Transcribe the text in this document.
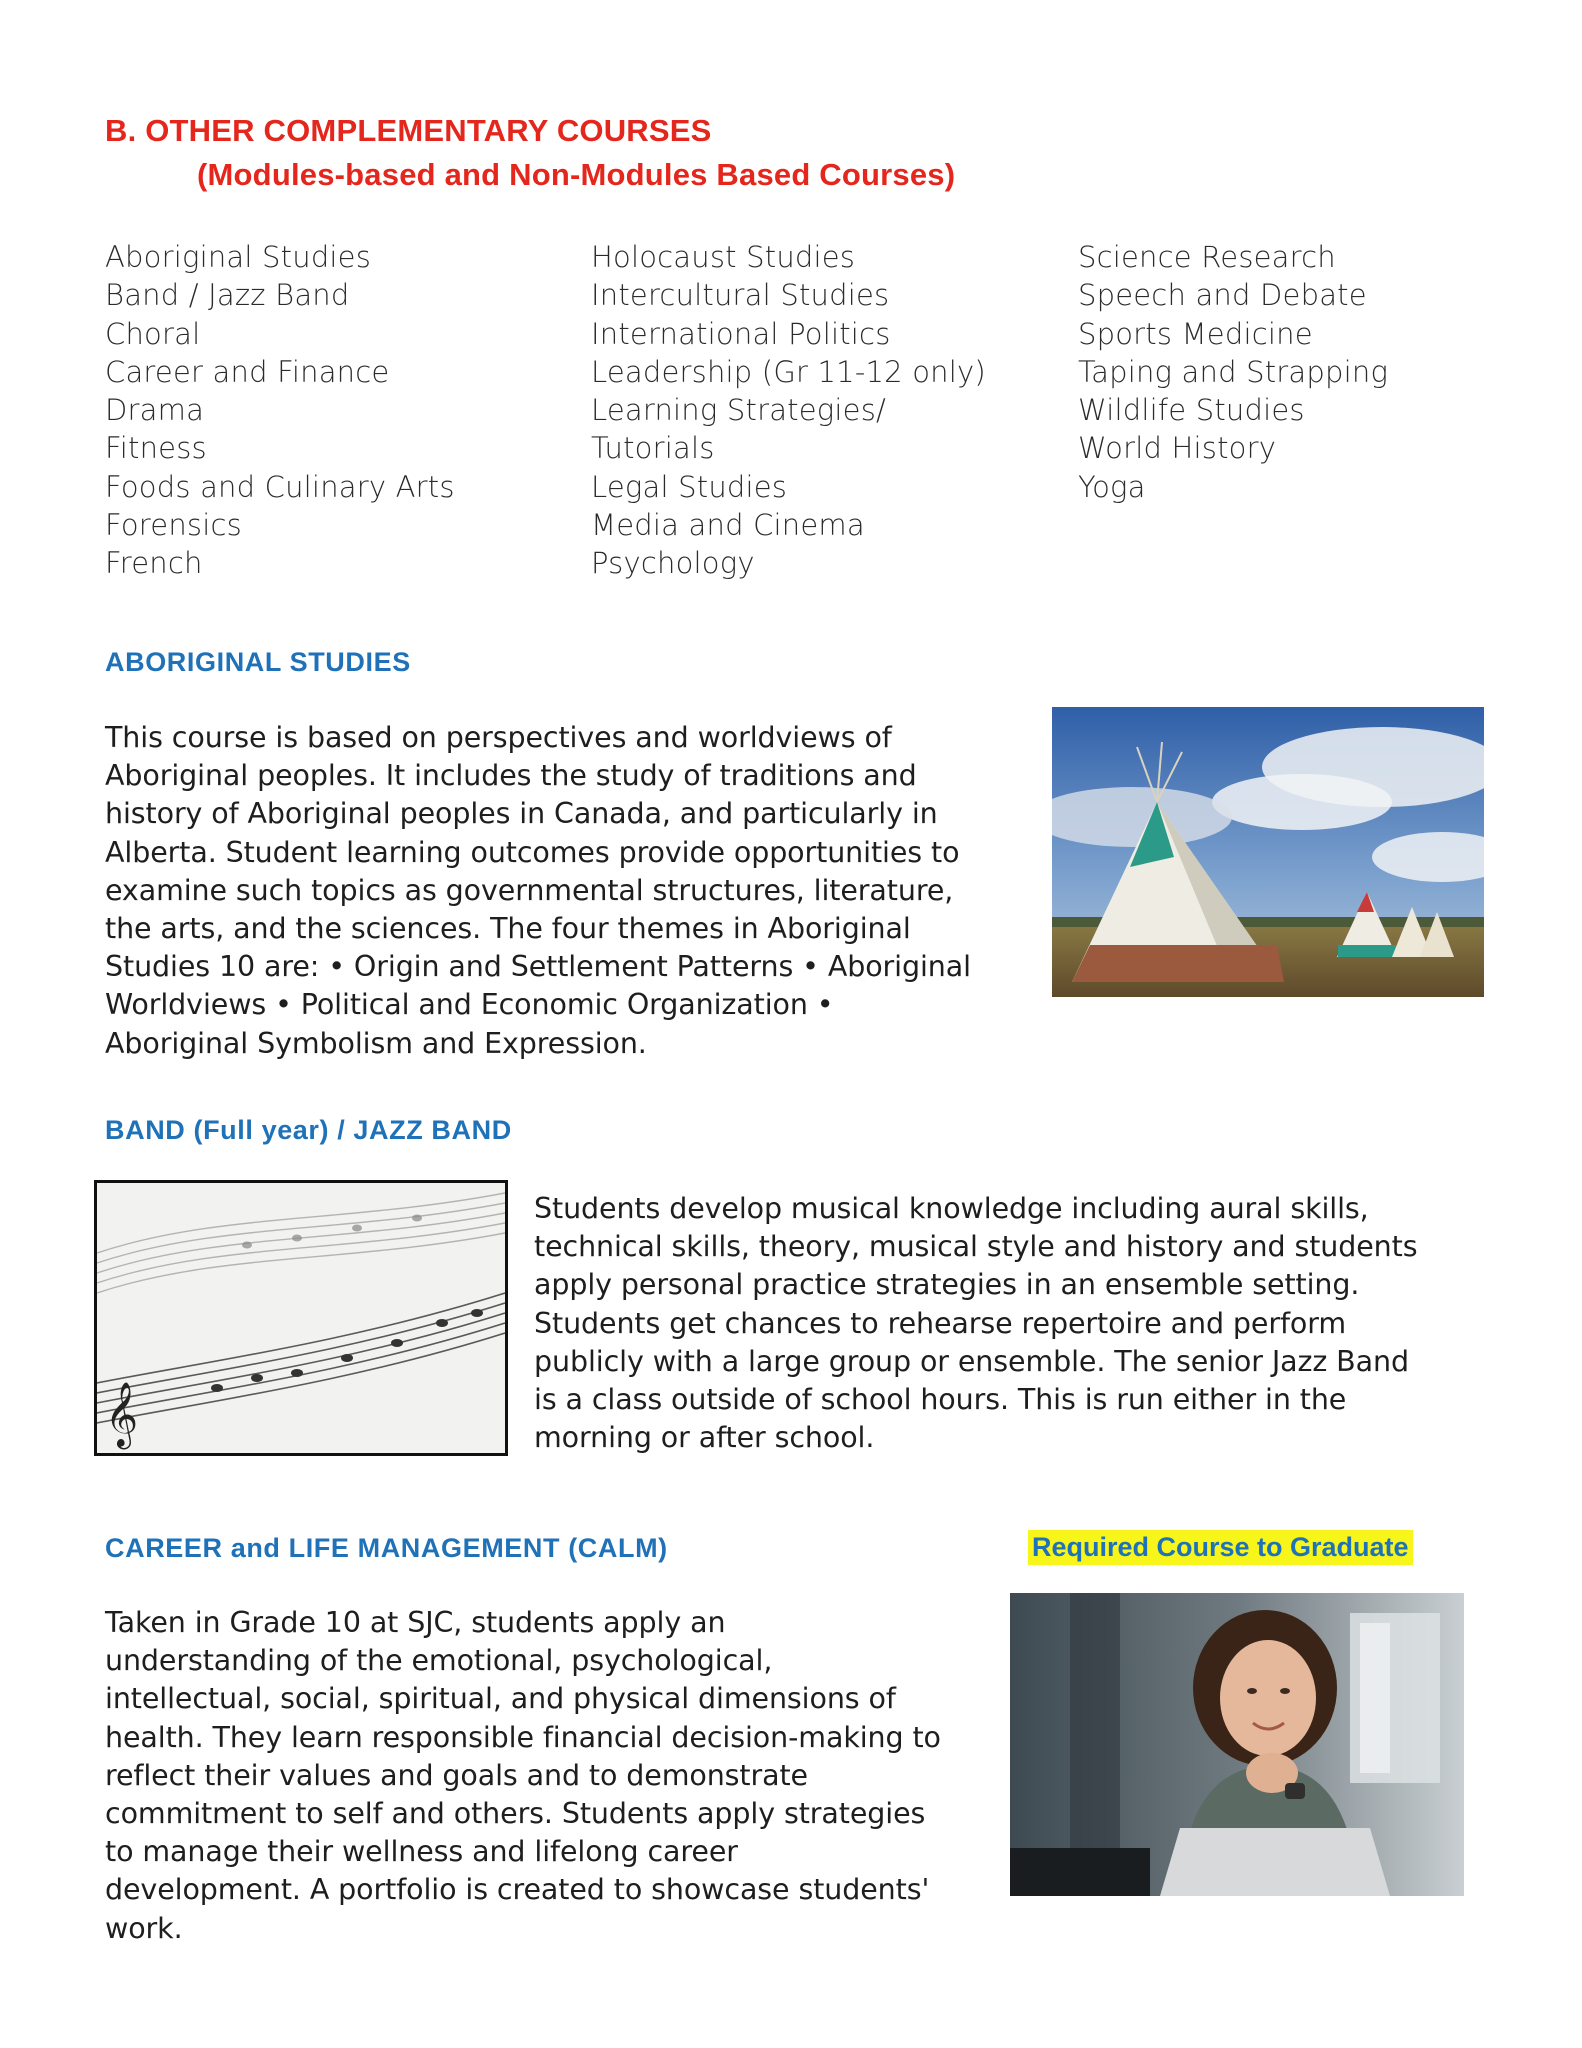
B. OTHER COMPLEMENTARY COURSES
(Modules-based and Non-Modules Based Courses)
Aboriginal Studies
Band / Jazz Band
Choral
Career and Finance
Drama
Fitness
Foods and Culinary Arts
Forensics
French
Holocaust Studies
Intercultural Studies
International Politics
Leadership (Gr 11-12 only)
Learning Strategies/
Tutorials
Legal Studies
Media and Cinema
Psychology
Science Research
Speech and Debate
Sports Medicine
Taping and Strapping
Wildlife Studies
World History
Yoga
ABORIGINAL STUDIES
This course is based on perspectives and worldviews of
Aboriginal peoples. It includes the study of traditions and
history of Aboriginal peoples in Canada, and particularly in
Alberta. Student learning outcomes provide opportunities to
examine such topics as governmental structures, literature,
the arts, and the sciences. The four themes in Aboriginal
Studies 10 are: • Origin and Settlement Patterns • Aboriginal
Worldviews • Political and Economic Organization •
Aboriginal Symbolism and Expression.
BAND (Full year) / JAZZ BAND
𝄞
Students develop musical knowledge including aural skills,
technical skills, theory, musical style and history and students
apply personal practice strategies in an ensemble setting.
Students get chances to rehearse repertoire and perform
publicly with a large group or ensemble. The senior Jazz Band
is a class outside of school hours. This is run either in the
morning or after school.
CAREER and LIFE MANAGEMENT (CALM)	Required Course to Graduate
Taken in Grade 10 at SJC, students apply an
understanding of the emotional, psychological,
intellectual, social, spiritual, and physical dimensions of
health. They learn responsible financial decision-making to
reflect their values and goals and to demonstrate
commitment to self and others. Students apply strategies
to manage their wellness and lifelong career
development. A portfolio is created to showcase students'
work.
